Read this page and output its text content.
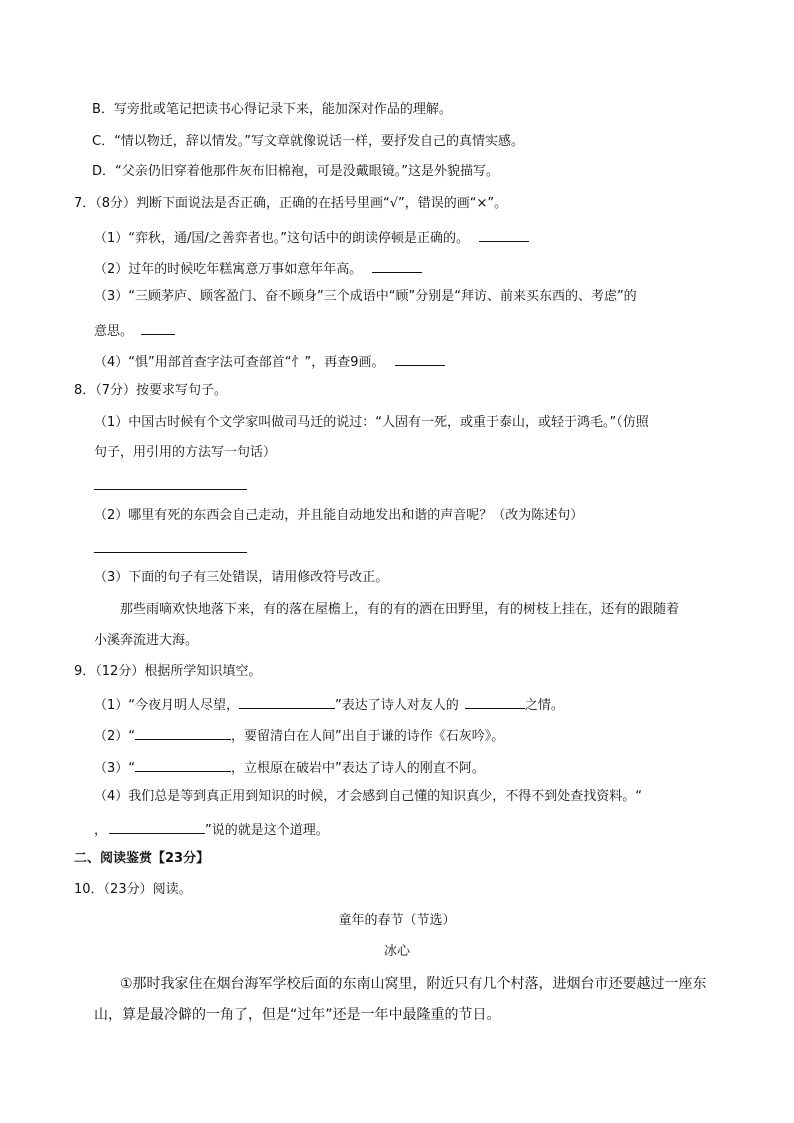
B．写旁批或笔记把读书心得记录下来，能加深对作品的理解。
C．“情以物迁，辞以情发。”写文章就像说话一样，要抒发自己的真情实感。
D．“父亲仍旧穿着他那件灰布旧棉袍，可是没戴眼镜。”这是外貌描写。
7．（8分）判断下面说法是否正确，正确的在括号里画“√”，错误的画“×”。
（1）“弈秋，通/国/之善弈者也。”这句话中的朗读停顿是正确的。
（2）过年的时候吃年糕寓意万事如意年年高。
（3）“三顾茅庐、顾客盈门、奋不顾身”三个成语中“顾”分别是“拜访、前来买东西的、考虑”的
意思。
（4）“惧”用部首查字法可查部首“忄”，再查9画。
8．（7分）按要求写句子。
（1）中国古时候有个文学家叫做司马迁的说过：“人固有一死，或重于泰山，或轻于鸿毛。”（仿照
句子，用引用的方法写一句话）
（2）哪里有死的东西会自己走动，并且能自动地发出和谐的声音呢？（改为陈述句）
（3）下面的句子有三处错误，请用修改符号改正。
那些雨嘀欢快地落下来，有的落在屋檐上，有的有的洒在田野里，有的树枝上挂在，还有的跟随着
小溪奔流进大海。
9．（12分）根据所学知识填空。
（1）“今夜月明人尽望，	”表达了诗人对友人的	之情。
（2）“	，要留清白在人间”出自于谦的诗作《石灰吟》。
（3）“	，立根原在破岩中”表达了诗人的刚直不阿。
（4）我们总是等到真正用到知识的时候，才会感到自己懂的知识真少，不得不到处查找资料。“
，	”说的就是这个道理。
二、阅读鉴赏【23分】
10．（23分）阅读。
童年的春节（节选）
冰心
①那时我家住在烟台海军学校后面的东南山窝里，附近只有几个村落，进烟台市还要越过一座东
山，算是最冷僻的一角了，但是“过年”还是一年中最隆重的节日。
